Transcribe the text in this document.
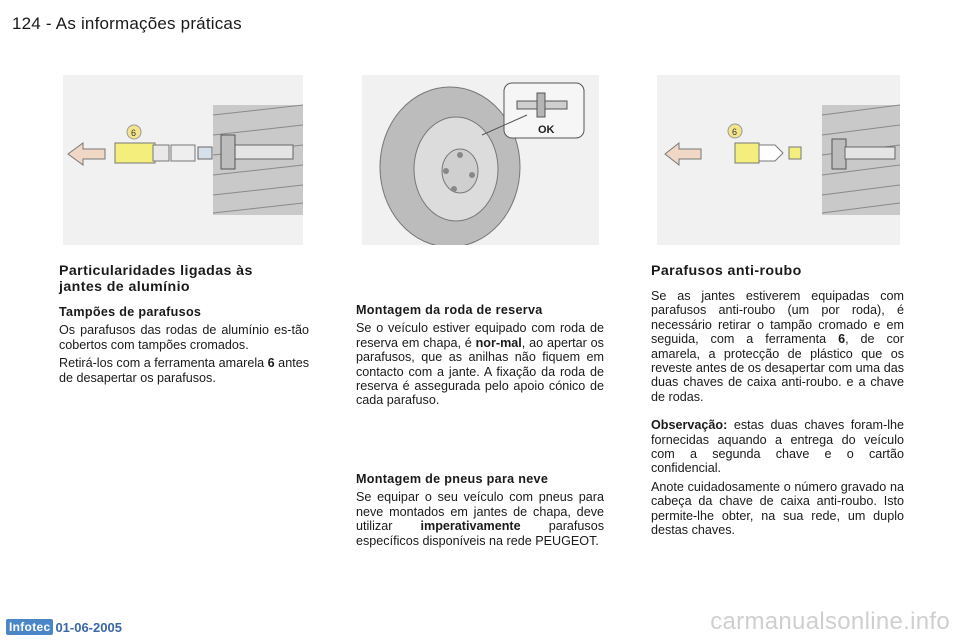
124 - As informações práticas
6	OK	6
Particularidades ligadas às
jantes de alumínio
Tampões de parafusos

Os parafusos das rodas de alumínio es-tão cobertos com tampões cromados.

Retirá-los com a ferramenta amarela 6 antes de desapertar os parafusos.

Montagem da roda de reserva

Se o veículo estiver equipado com roda de reserva em chapa, é nor-mal, ao apertar os parafusos, que as anilhas não fiquem em contacto com a jante. A fixação da roda de reserva é assegurada pelo apoio cónico de cada parafuso.

Montagem de pneus para neve

Se equipar o seu veículo com pneus para neve montados em jantes de chapa, deve utilizar imperativamente parafusos específicos disponíveis na rede PEUGEOT.

Parafusos anti-roubo

Se as jantes estiverem equipadas com parafusos anti-roubo (um por roda), é necessário retirar o tampão cromado e em seguida, com a ferramenta 6, de cor amarela, a protecção de plástico que os reveste antes de os desapertar com uma das duas chaves de caixa anti-roubo. e a chave de rodas.

Observação: estas duas chaves foram-lhe fornecidas aquando a entrega do veículo com a segunda chave e o cartão confidencial.

Anote cuidadosamente o número gravado na cabeça da chave de caixa anti-roubo. Isto permite-lhe obter, na sua rede, um duplo destas chaves.

Infotec 01-06-2005	carmanualsonline.info
